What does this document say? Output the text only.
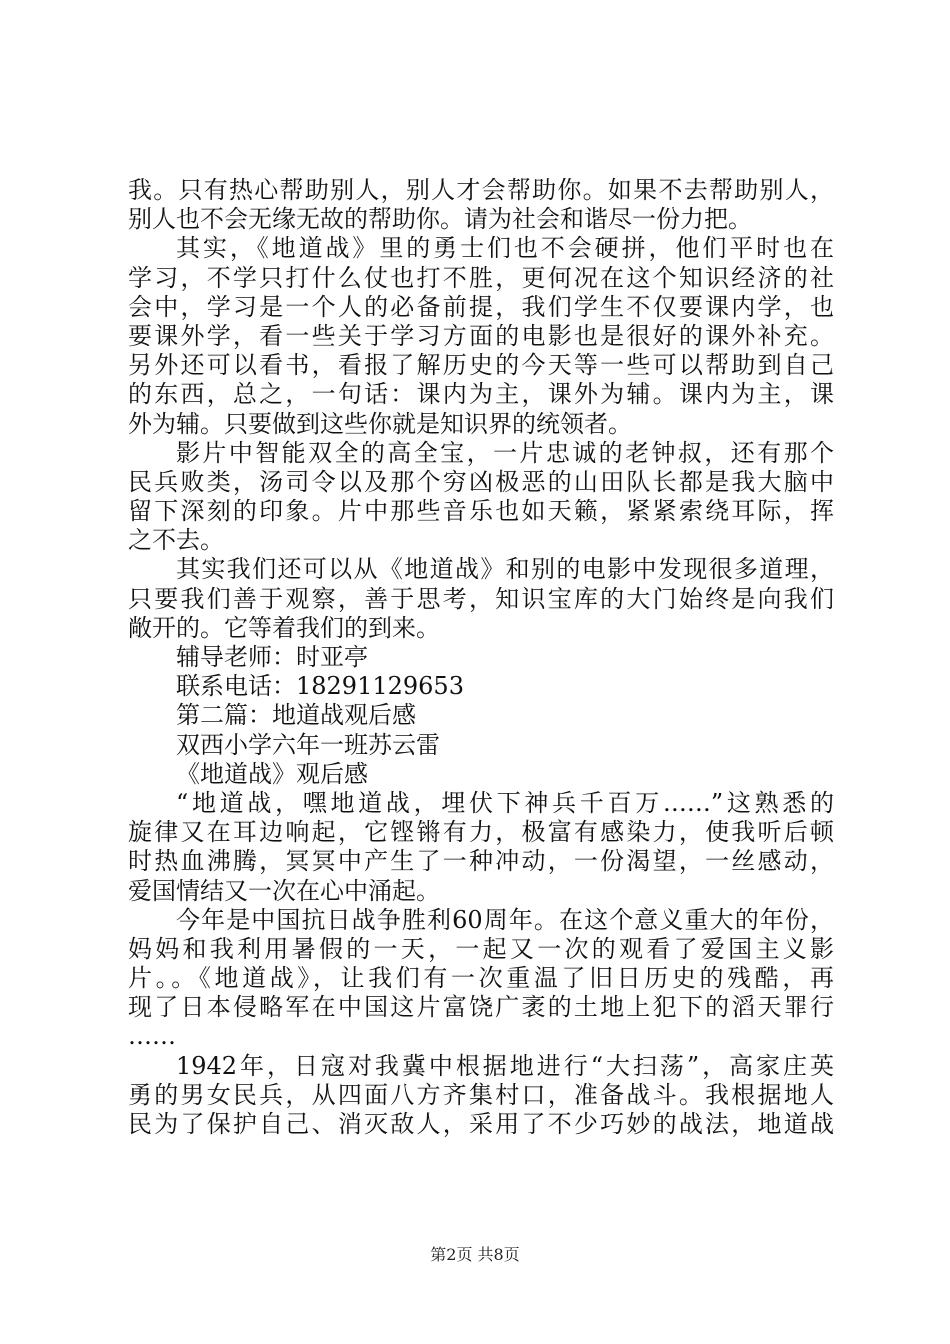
我。只有热心帮助别人，别人才会帮助你。如果不去帮助别人，
别人也不会无缘无故的帮助你。请为社会和谐尽一份力把。
其实，《地道战》里的勇士们也不会硬拼，他们平时也在
学习，不学只打什么仗也打不胜，更何况在这个知识经济的社
会中，学习是一个人的必备前提，我们学生不仅要课内学，也
要课外学，看一些关于学习方面的电影也是很好的课外补充。
另外还可以看书，看报了解历史的今天等一些可以帮助到自己
的东西，总之，一句话：课内为主，课外为辅。课内为主，课
外为辅。只要做到这些你就是知识界的统领者。
影片中智能双全的高全宝，一片忠诚的老钟叔，还有那个
民兵败类，汤司令以及那个穷凶极恶的山田队长都是我大脑中
留下深刻的印象。片中那些音乐也如天籁，紧紧索绕耳际，挥
之不去。
其实我们还可以从《地道战》和别的电影中发现很多道理，
只要我们善于观察，善于思考，知识宝库的大门始终是向我们
敞开的。它等着我们的到来。
辅导老师：时亚亭
联系电话：18291129653
第二篇：地道战观后感
双西小学六年一班苏云雷
《地道战》观后感
“地道战，嘿地道战，埋伏下神兵千百万……”这熟悉的
旋律又在耳边响起，它铿锵有力，极富有感染力，使我听后顿
时热血沸腾，冥冥中产生了一种冲动，一份渴望，一丝感动，
爱国情结又一次在心中涌起。
今年是中国抗日战争胜利60周年。在这个意义重大的年份，
妈妈和我利用暑假的一天，一起又一次的观看了爱国主义影
片。。《地道战》，让我们有一次重温了旧日历史的残酷，再
现了日本侵略军在中国这片富饶广袤的土地上犯下的滔天罪行
……
1942年，日寇对我冀中根据地进行“大扫荡”，高家庄英
勇的男女民兵，从四面八方齐集村口，准备战斗。我根据地人
民为了保护自己、消灭敌人，采用了不少巧妙的战法，地道战
第2页 共8页
